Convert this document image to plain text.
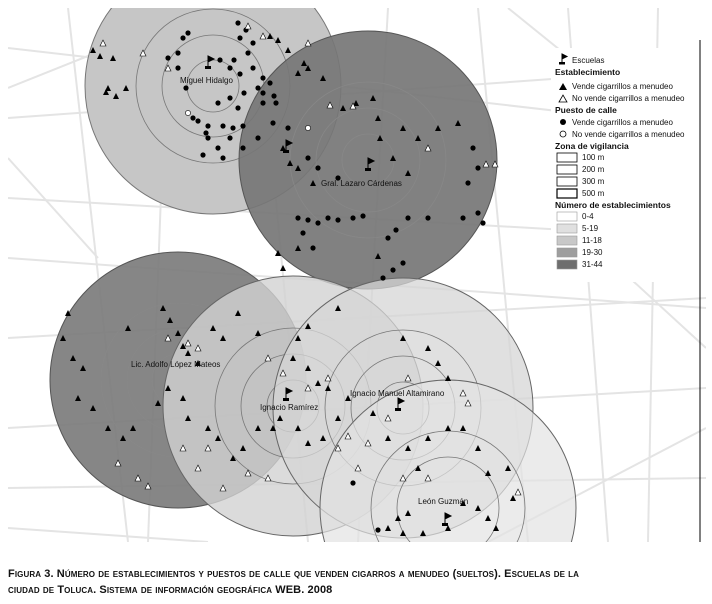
Miguel Hidalgo
Gral. Lazaro Cárdenas
Lic. Adolfo López Mateos
Ignacio Ramírez
Ignacio Manuel Altamirano
León Guzmán
Escuelas
Establecimiento
Vende cigarrillos a menudeo
No vende cigarrillos a menudeo
Puesto de calle
Vende cigarrillos a menudeo
No vende cigarrillos a menudeo
Zona de vigilancia
100 m
200 m
300 m
500 m
Número de establecimientos
0-4
5-19
11-18
19-30
31-44
Figura 3. Número de establecimientos y puestos de calle que venden cigarros a menudeo (sueltos). Escuelas de la
ciudad de Toluca. Sistema de información geográfica WEB. 2008
